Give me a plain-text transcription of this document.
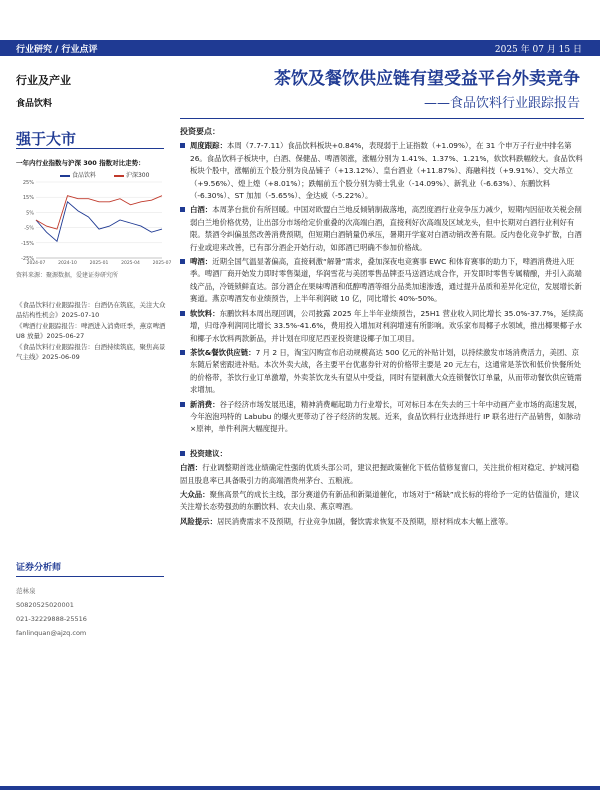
行业研究 / 行业点评	2025 年 07 月 15 日
行业及产业
食品饮料
强于大市
一年内行业指数与沪深 300 指数对比走势：
食品饮料	沪深300
25%
15%
5%
-5%
-15%
-25%
2024-07	2024-10	2025-01	2025-04	2025-07
资料来源：聚源数据，爱建证券研究所

《食品饮料行业跟踪报告：白酒仍在筑底，关注大众品结构性机会》2025-07-10

《啤酒行业跟踪报告：啤酒进入消费旺季，燕京啤酒 U8 放量》2025-06-27

《食品饮料行业跟踪报告：白酒持续筑底，聚焦高景气主线》2025-06-09

证券分析师
范林泉
S0820525020001
021-32229888-25516
fanlinquan@ajzq.com
茶饮及餐饮供应链有望受益平台外卖竞争
——食品饮料行业跟踪报告
投资要点：
周度跟踪：本周（7.7-7.11）食品饮料板块+0.84%，表现弱于上证指数（+1.09%），在 31 个申万子行业中排名第 26。食品饮料子板块中，白酒、保健品、啤酒领涨，涨幅分别为 1.41%、1.37%、1.21%，软饮料跌幅较大。食品饮料板块个股中，涨幅前五个股分别为良品铺子（+13.12%）、皇台酒业（+11.87%）、海融科技（+9.91%）、交大昂立（+9.56%）、煌上煌（+8.01%）；跌幅前五个股分别为骑士乳业（-14.09%）、新乳业（-6.63%）、东鹏饮料（-6.30%）、ST 加加（-5.65%）、金达威（-5.22%）。
白酒：本周茅台批价有所回暖。中国对欧盟白兰地反倾销制裁落地，高烈度酒行业竞争压力减少，短期内因征收关税会削弱白兰地价格优势，让出部分市场给定价重叠的次高端白酒，直接利好次高端及区域龙头，但中长期对白酒行业利好有限。禁酒令纠偏虽然改善消费预期，但短期白酒销量仍承压，暑期开学宴对白酒动销改善有限。反内卷化竞争扩散，白酒行业或迎来改善，已有部分酒企开始行动，如郎酒已明确不参加价格战。
啤酒：近期全国气温显著偏高，直接刺激“解暑”需求，叠加深夜电竞赛事 EWC 和体育赛事的助力下，啤酒消费进入旺季。啤酒厂商开始发力即时零售渠道，华润雪花与美团零售品牌歪马送酒达成合作，开发即时零售专属精酿，并引入高端线产品，冷链锁鲜直达。部分酒企在果味啤酒和低醇啤酒等细分品类加速渗透，通过提升品质和差异化定位，发展增长新赛道。燕京啤酒发布业绩预告，上半年利润破 10 亿，同比增长 40%-50%。
软饮料：东鹏饮料本周出现回调，公司披露 2025 年上半年业绩预告，25H1 营业收入同比增长 35.0%-37.7%，延续高增，归母净利润同比增长 33.5%-41.6%，费用投入增加对利润增速有所影响。欢乐家布局椰子水领域，推出椰果椰子水和椰子水饮料两款新品，并计划在印度尼西亚投资建设椰子加工项目。
茶饮&餐饮供应链：7 月 2 日，淘宝闪购宣布启动规模高达 500 亿元的补贴计划，以持续激发市场消费活力，美团、京东随后紧密跟进补贴。本次外卖大战，各主要平台优惠券针对的价格带主要是 20 元左右，这通常是茶饮和低价快餐所处的价格带，茶饮行业订单激增，外卖茶饮龙头有望从中受益，同时有望刺激大众连锁餐饮订单量，从而带动餐饮供应链需求增加。
新消费：谷子经济市场发展迅速，精神消费崛起助力行业增长，可对标日本在失去的三十年中动画产业市场的高速发展，今年泡泡玛特的 Labubu 的爆火更带动了谷子经济的发展。近来，食品饮料行业选择进行 IP 联名进行产品销售，如脉动×原神，单件利润大幅度提升。
投资建议：

白酒：行业调整期首选业绩确定性强的优质头部公司，建议把握政策催化下低估值修复窗口，关注批价相对稳定、护城河稳固且股息率已具备吸引力的高端酒贵州茅台、五粮液。

大众品：聚焦高景气的成长主线，部分赛道仍有新品和新渠道催化，市场对于“稀缺”成长标的将给予一定的估值溢价，建议关注增长态势强劲的东鹏饮料、农夫山泉、燕京啤酒。

风险提示：居民消费需求不及预期，行业竞争加剧，餐饮需求恢复不及预期，原材料成本大幅上涨等。
